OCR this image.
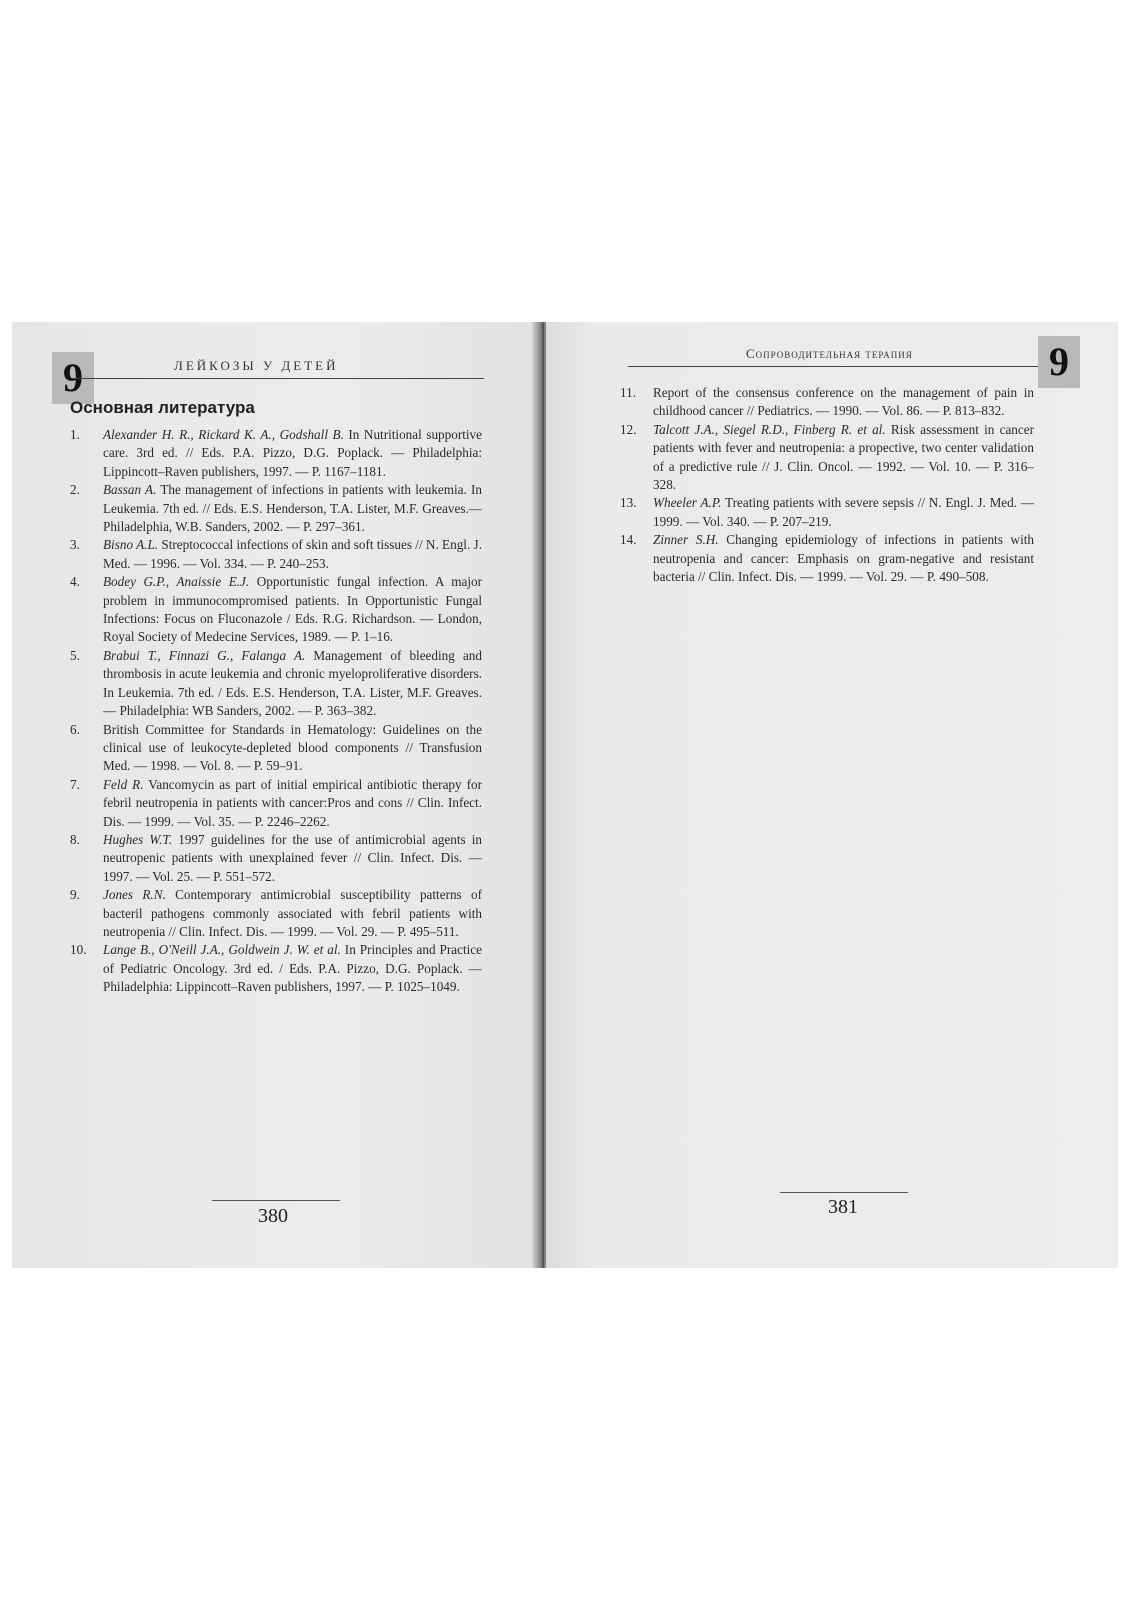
9	ЛЕЙКОЗЫ У ДЕТЕЙ
Основная литература
1.	Alexander H. R., Rickard K. A., Godshall B. In Nutritional supportive care. 3rd ed. // Eds. P.A. Pizzo, D.G. Poplack. — Philadelphia: Lippincott–Raven publishers, 1997. — P. 1167–1181.
2.	Bassan A. The management of infections in patients with leukemia. In Leukemia. 7th ed. // Eds. E.S. Henderson, T.A. Lister, M.F. Greaves.— Philadelphia, W.B. Sanders, 2002. — P. 297–361.
3.	Bisno A.L. Streptococcal infections of skin and soft tissues // N. Engl. J. Med. — 1996. — Vol. 334. — P. 240–253.
4.	Bodey G.P., Anaissie E.J. Opportunistic fungal infection. A major problem in immunocompromised patients. In Opportunistic Fungal Infections: Focus on Fluconazole / Eds. R.G. Richardson. — London, Royal Society of Medecine Services, 1989. — P. 1–16.
5.	Brabui T., Finnazi G., Falanga A. Management of bleeding and thrombosis in acute leukemia and chronic myeloproliferative disorders. In Leukemia. 7th ed. / Eds. E.S. Henderson, T.A. Lister, M.F. Greaves. — Philadelphia: WB Sanders, 2002. — P. 363–382.
6.	British Committee for Standards in Hematology: Guidelines on the clinical use of leukocyte-depleted blood components // Transfusion Med. — 1998. — Vol. 8. — P. 59–91.
7.	Feld R. Vancomycin as part of initial empirical antibiotic therapy for febril neutropenia in patients with cancer:Pros and cons // Clin. Infect. Dis. — 1999. — Vol. 35. — P. 2246–2262.
8.	Hughes W.T. 1997 guidelines for the use of antimicrobial agents in neutropenic patients with unexplained fever // Clin. Infect. Dis. — 1997. — Vol. 25. — P. 551–572.
9.	Jones R.N. Contemporary antimicrobial susceptibility patterns of bacteril pathogens commonly associated with febril patients with neutropenia // Clin. Infect. Dis. — 1999. — Vol. 29. — P. 495–511.
10.	Lange B., O'Neill J.A., Goldwein J. W. et al. In Principles and Practice of Pediatric Oncology. 3rd ed. / Eds. P.A. Pizzo, D.G. Poplack. — Philadelphia: Lippincott–Raven publishers, 1997. — P. 1025–1049.
380
Сопроводительная терапия	9
11.	Report of the consensus conference on the management of pain in childhood cancer // Pediatrics. — 1990. — Vol. 86. — P. 813–832.
12.	Talcott J.A., Siegel R.D., Finberg R. et al. Risk assessment in cancer patients with fever and neutropenia: a propective, two center validation of a predictive rule // J. Clin. Oncol. — 1992. — Vol. 10. — P. 316–328.
13.	Wheeler A.P. Treating patients with severe sepsis // N. Engl. J. Med. — 1999. — Vol. 340. — P. 207–219.
14.	Zinner S.H. Changing epidemiology of infections in patients with neutropenia and cancer: Emphasis on gram-negative and resistant bacteria // Clin. Infect. Dis. — 1999. — Vol. 29. — P. 490–508.
381
